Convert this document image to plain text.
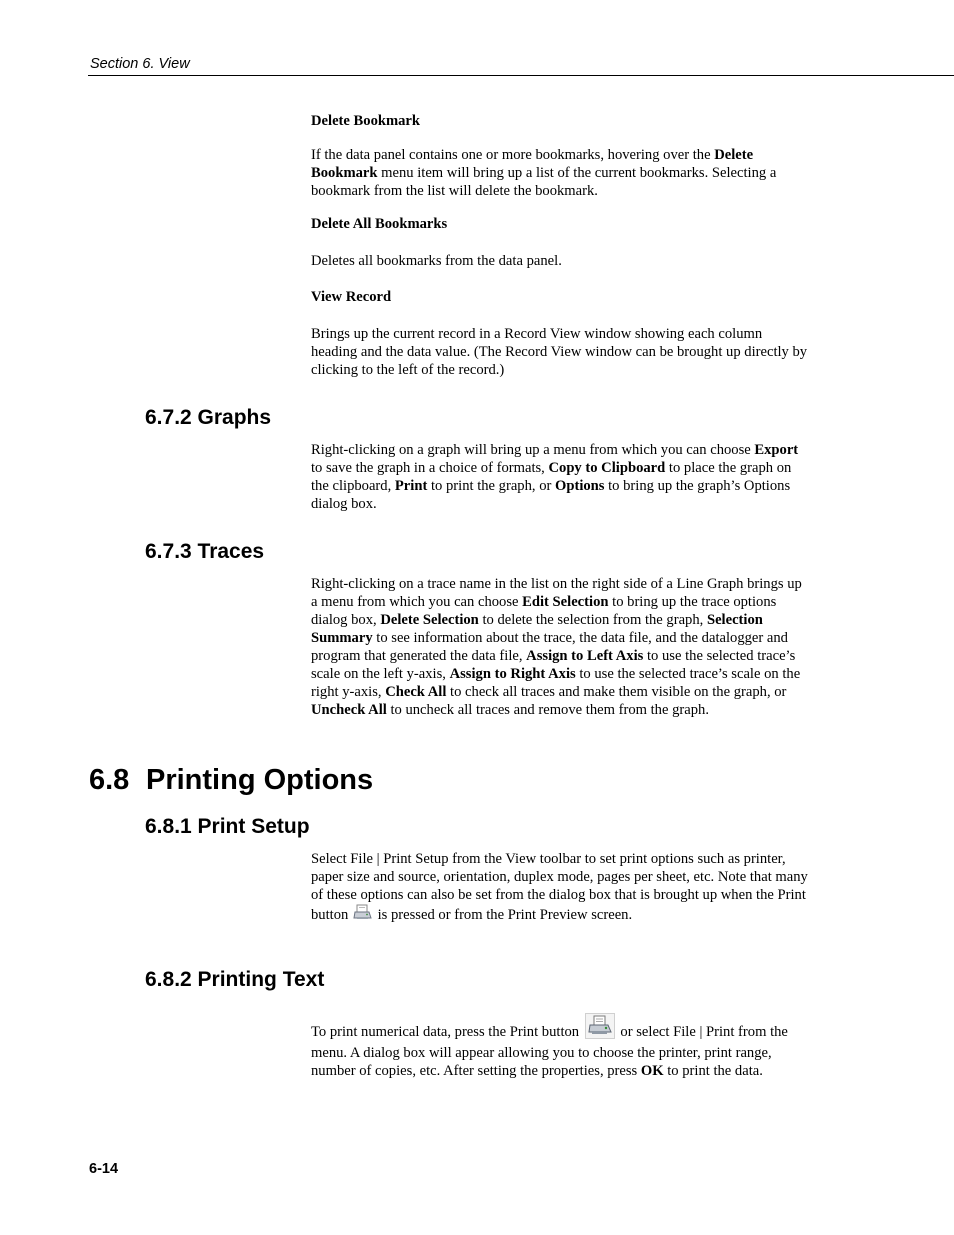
Section 6. View

Delete Bookmark

If the data panel contains one or more bookmarks, hovering over the Delete Bookmark menu item will bring up a list of the current bookmarks. Selecting a bookmark from the list will delete the bookmark.

Delete All Bookmarks

Deletes all bookmarks from the data panel.

View Record

Brings up the current record in a Record View window showing each column heading and the data value. (The Record View window can be brought up directly by clicking to the left of the record.)

6.7.2 Graphs

Right-clicking on a graph will bring up a menu from which you can choose Export to save the graph in a choice of formats, Copy to Clipboard to place the graph on the clipboard, Print to print the graph, or Options to bring up the graph’s Options dialog box.

6.7.3 Traces

Right-clicking on a trace name in the list on the right side of a Line Graph brings up a menu from which you can choose Edit Selection to bring up the trace options dialog box, Delete Selection to delete the selection from the graph, Selection Summary to see information about the trace, the data file, and the datalogger and program that generated the data file, Assign to Left Axis to use the selected trace’s scale on the left y-axis, Assign to Right Axis to use the selected trace’s scale on the right y-axis, Check All to check all traces and make them visible on the graph, or Uncheck All to uncheck all traces and remove them from the graph.

6.8 Printing Options
6.8.1 Print Setup

Select File | Print Setup from the View toolbar to set print options such as printer, paper size and source, orientation, duplex mode, pages per sheet, etc. Note that many of these options can also be set from the dialog box that is brought up when the Print button is pressed or from the Print Preview screen.

6.8.2 Printing Text

To print numerical data, press the Print button	or select File | Print from the menu. A dialog box will appear allowing you to choose the printer, print range, number of copies, etc. After setting the properties, press OK to print the data.

6-14
